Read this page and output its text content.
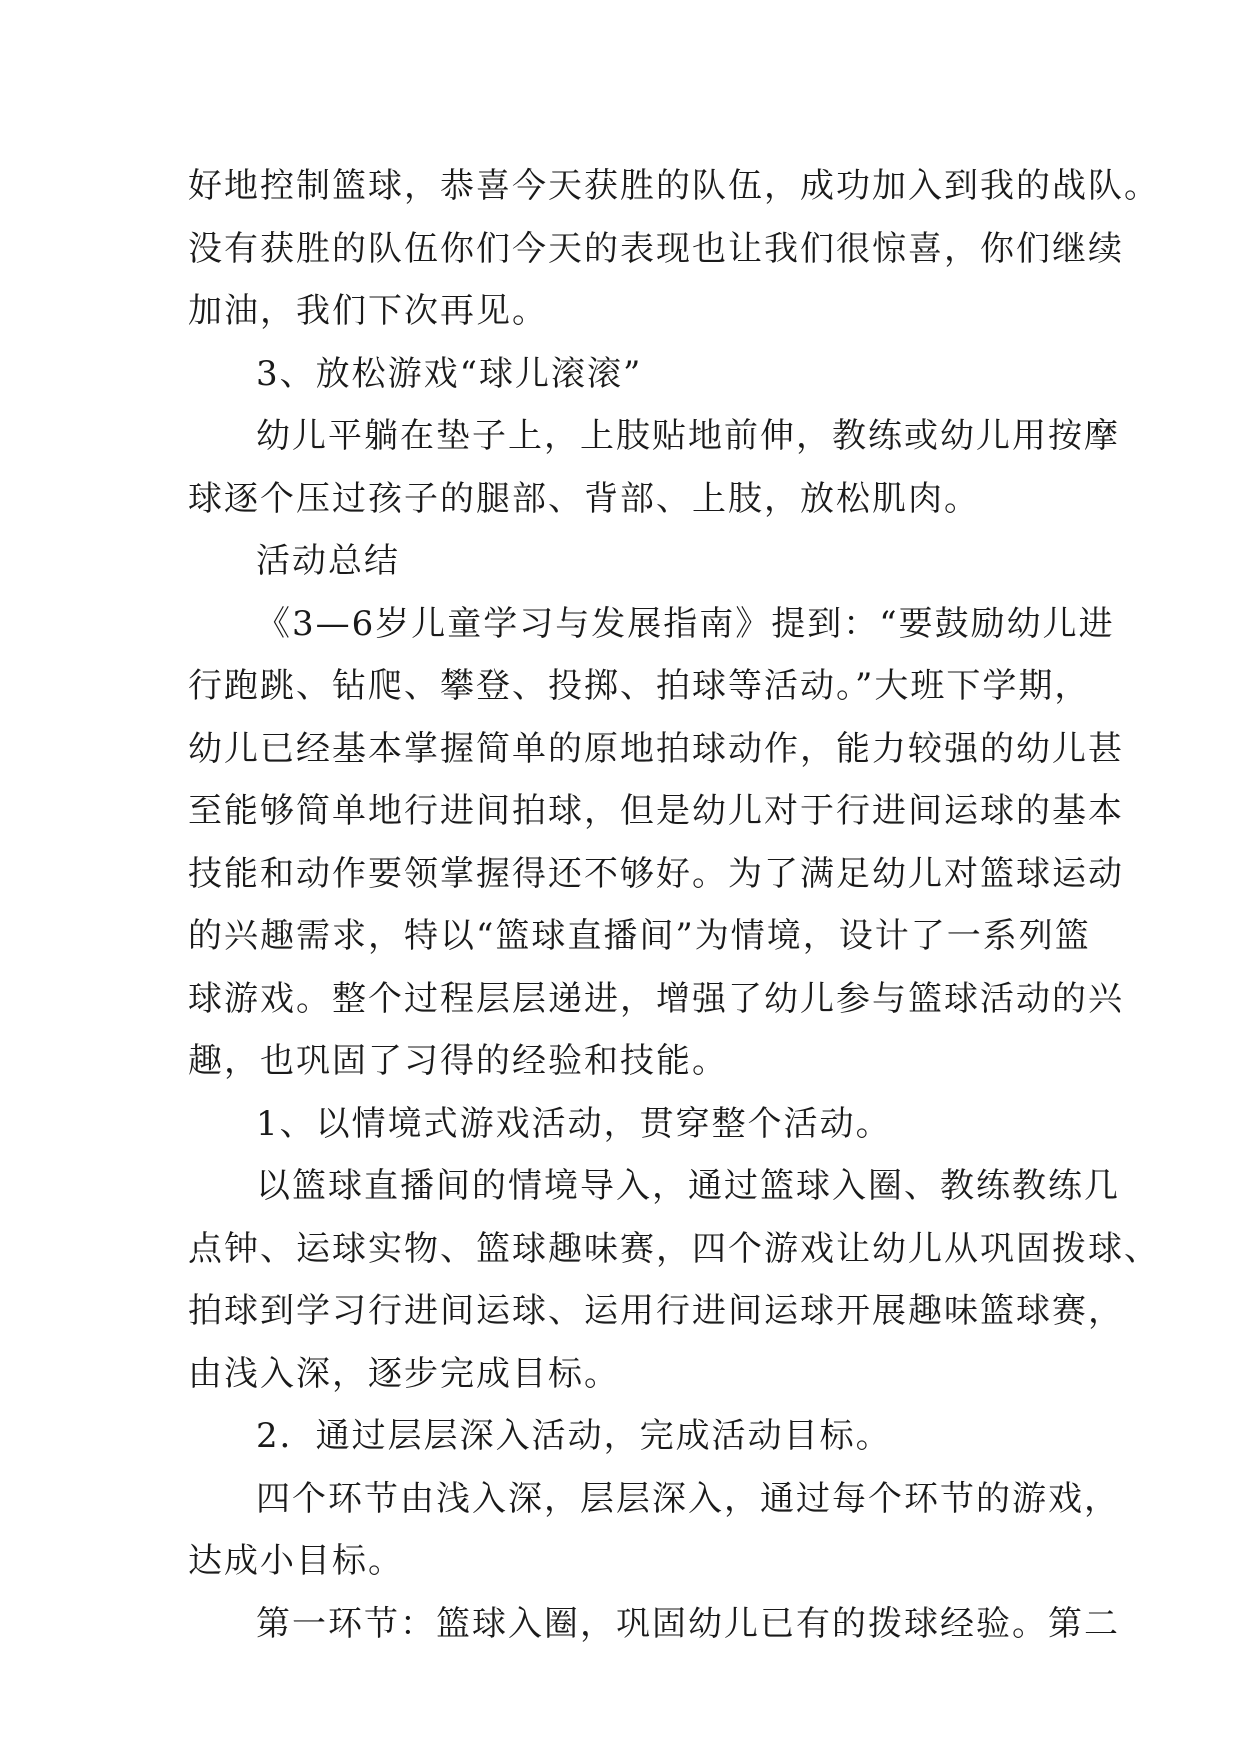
好地控制篮球，恭喜今天获胜的队伍，成功加入到我的战队。
没有获胜的队伍你们今天的表现也让我们很惊喜，你们继续
加油，我们下次再见。
3、放松游戏“球儿滚滚”
幼儿平躺在垫子上，上肢贴地前伸，教练或幼儿用按摩
球逐个压过孩子的腿部、背部、上肢，放松肌肉。
活动总结
《3—6岁儿童学习与发展指南》提到：“要鼓励幼儿进
行跑跳、钻爬、攀登、投掷、拍球等活动。”大班下学期，
幼儿已经基本掌握简单的原地拍球动作，能力较强的幼儿甚
至能够简单地行进间拍球，但是幼儿对于行进间运球的基本
技能和动作要领掌握得还不够好。为了满足幼儿对篮球运动
的兴趣需求，特以“篮球直播间”为情境，设计了一系列篮
球游戏。整个过程层层递进，增强了幼儿参与篮球活动的兴
趣，也巩固了习得的经验和技能。
1、以情境式游戏活动，贯穿整个活动。
以篮球直播间的情境导入，通过篮球入圈、教练教练几
点钟、运球实物、篮球趣味赛，四个游戏让幼儿从巩固拨球、
拍球到学习行进间运球、运用行进间运球开展趣味篮球赛，
由浅入深，逐步完成目标。
2．通过层层深入活动，完成活动目标。
四个环节由浅入深，层层深入，通过每个环节的游戏，
达成小目标。
第一环节：篮球入圈，巩固幼儿已有的拨球经验。第二
